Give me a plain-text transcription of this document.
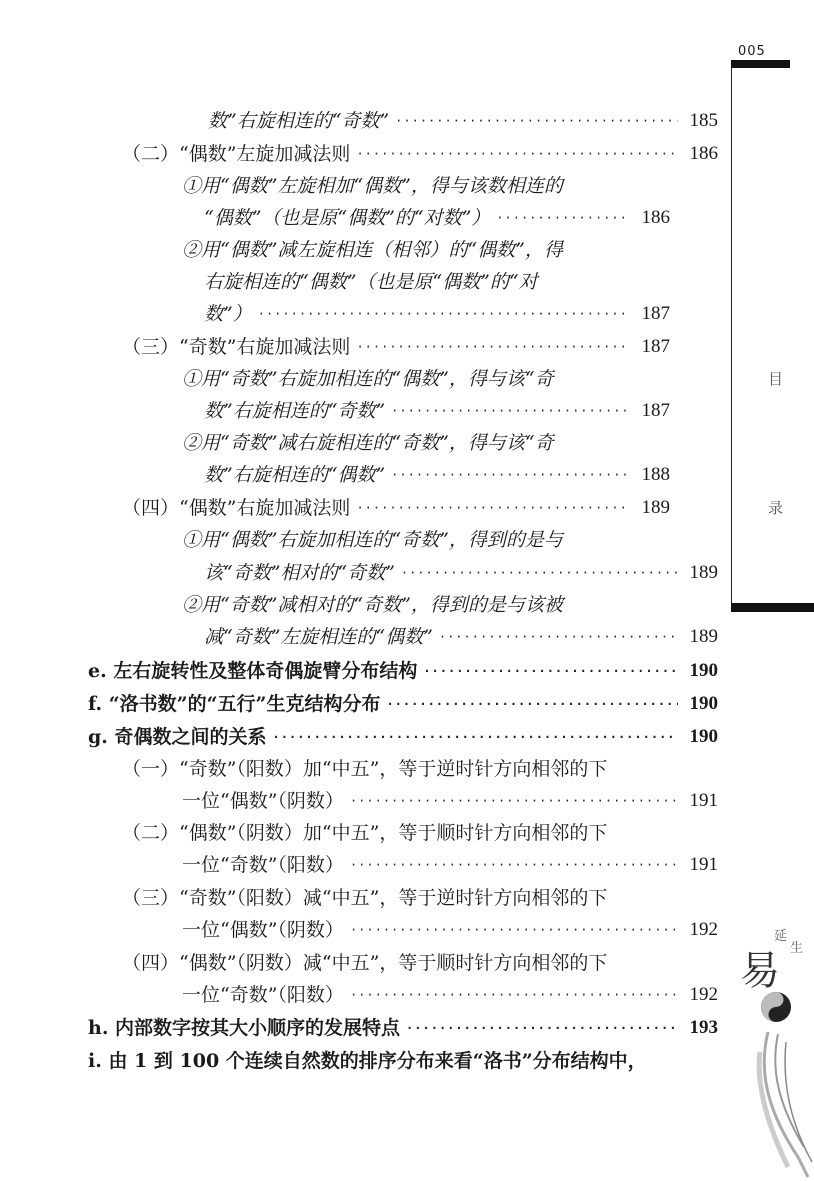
005
目
录
数”右旋相连的“奇数” ·····	185
（二）“偶数”左旋加减法则 ·····	186
①用“偶数”左旋相加“偶数”，得与该数相连的
“偶数”（也是原“偶数”的“对数”） ·····	186
②用“偶数”减左旋相连（相邻）的“偶数”，得
右旋相连的“偶数”（也是原“偶数”的“对
数”） ·····	187
（三）“奇数”右旋加减法则 ·····	187
①用“奇数”右旋加相连的“偶数”，得与该“奇
数”右旋相连的“奇数” ·····	187
②用“奇数”减右旋相连的“奇数”，得与该“奇
数”右旋相连的“偶数” ·····	188
（四）“偶数”右旋加减法则 ·····	189
①用“偶数”右旋加相连的“奇数”，得到的是与
该“奇数”相对的“奇数” ·····	189
②用“奇数”减相对的“奇数”，得到的是与该被
减“奇数”左旋相连的“偶数” ·····	189
e. 左右旋转性及整体奇偶旋臂分布结构 ·····	190
f. “洛书数”的“五行”生克结构分布 ·····	190
g. 奇偶数之间的关系 ·····	190
（一）“奇数”（阳数）加“中五”，等于逆时针方向相邻的下
一位“偶数”（阴数） ·····	191
（二）“偶数”（阴数）加“中五”，等于顺时针方向相邻的下
一位“奇数”（阳数） ·····	191
（三）“奇数”（阳数）减“中五”，等于逆时针方向相邻的下
一位“偶数”（阴数） ·····	192
（四）“偶数”（阴数）减“中五”，等于顺时针方向相邻的下
一位“奇数”（阳数） ·····	192
h. 内部数字按其大小顺序的发展特点 ·····	193
i. 由 1 到 100 个连续自然数的排序分布来看“洛书”分布结构中，
延
生
易
